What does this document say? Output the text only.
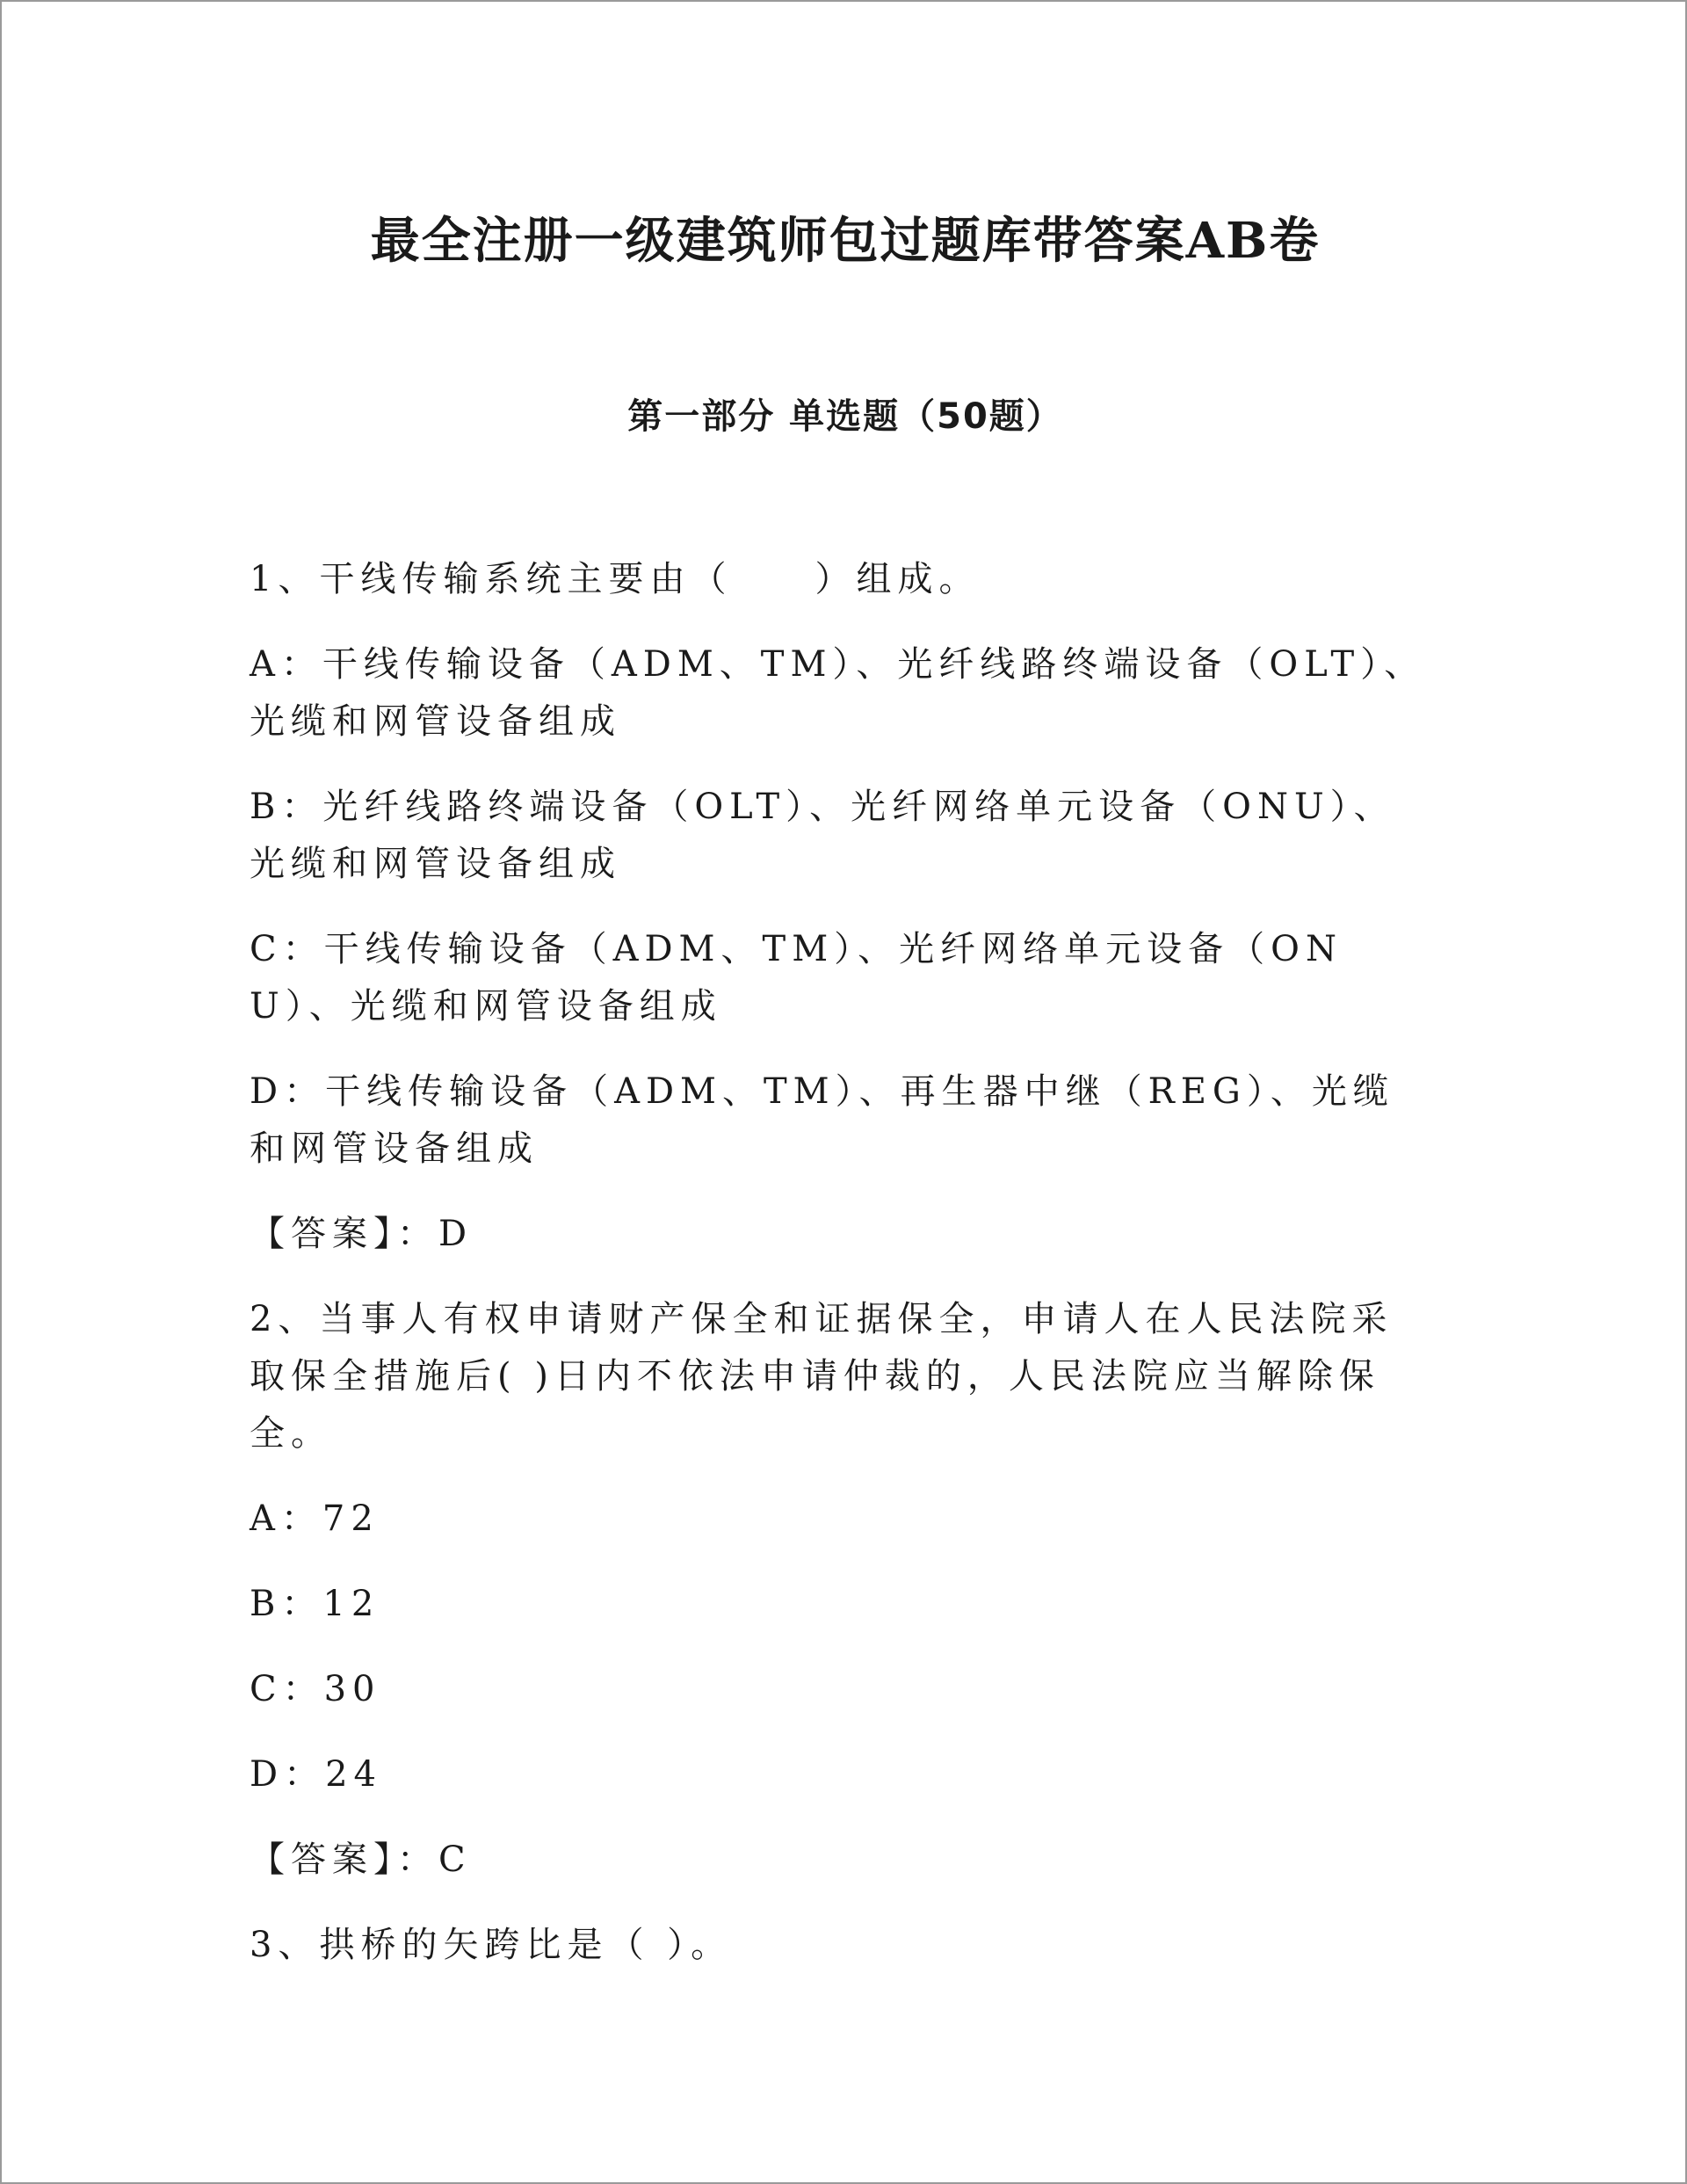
最全注册一级建筑师包过题库带答案AB卷
第一部分 单选题（50题）

1、干线传输系统主要由（　　）组成。

A：干线传输设备（ADM、TM）、光纤线路终端设备（OLT）、光缆和网管设备组成

B：光纤线路终端设备（OLT）、光纤网络单元设备（ONU）、光缆和网管设备组成

C：干线传输设备（ADM、TM）、光纤网络单元设备（ONU）、光缆和网管设备组成

D：干线传输设备（ADM、TM）、再生器中继（REG）、光缆和网管设备组成

【答案】：D

2、当事人有权申请财产保全和证据保全，申请人在人民法院采取保全措施后( )日内不依法申请仲裁的，人民法院应当解除保全。

A：72

B：12

C：30

D：24

【答案】：C

3、拱桥的矢跨比是（ ）。
